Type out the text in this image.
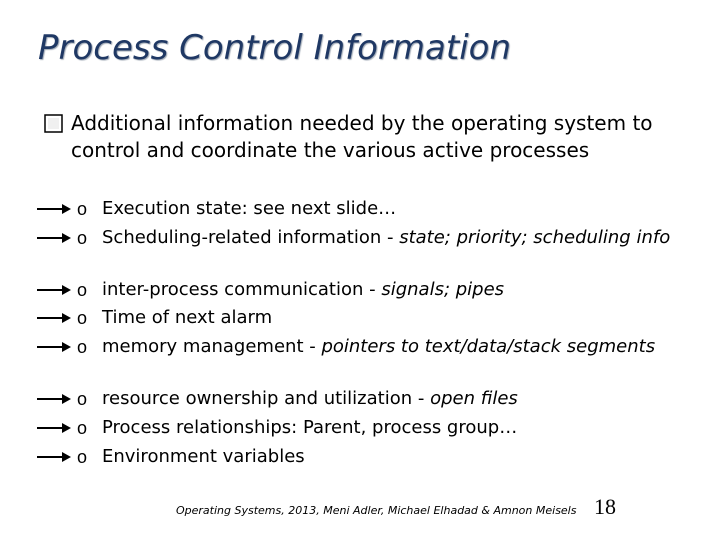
Process Control Information
Additional information needed by the operating system to control and coordinate the various active processes
o Execution state: see next slide…
o Scheduling-related information - state; priority; scheduling info
o inter-process communication - signals; pipes
o Time of next alarm
o memory management - pointers to text/data/stack segments
o resource ownership and utilization - open files
o Process relationships: Parent, process group…
o Environment variables
Operating Systems, 2013, Meni Adler, Michael Elhadad & Amnon Meisels 18
